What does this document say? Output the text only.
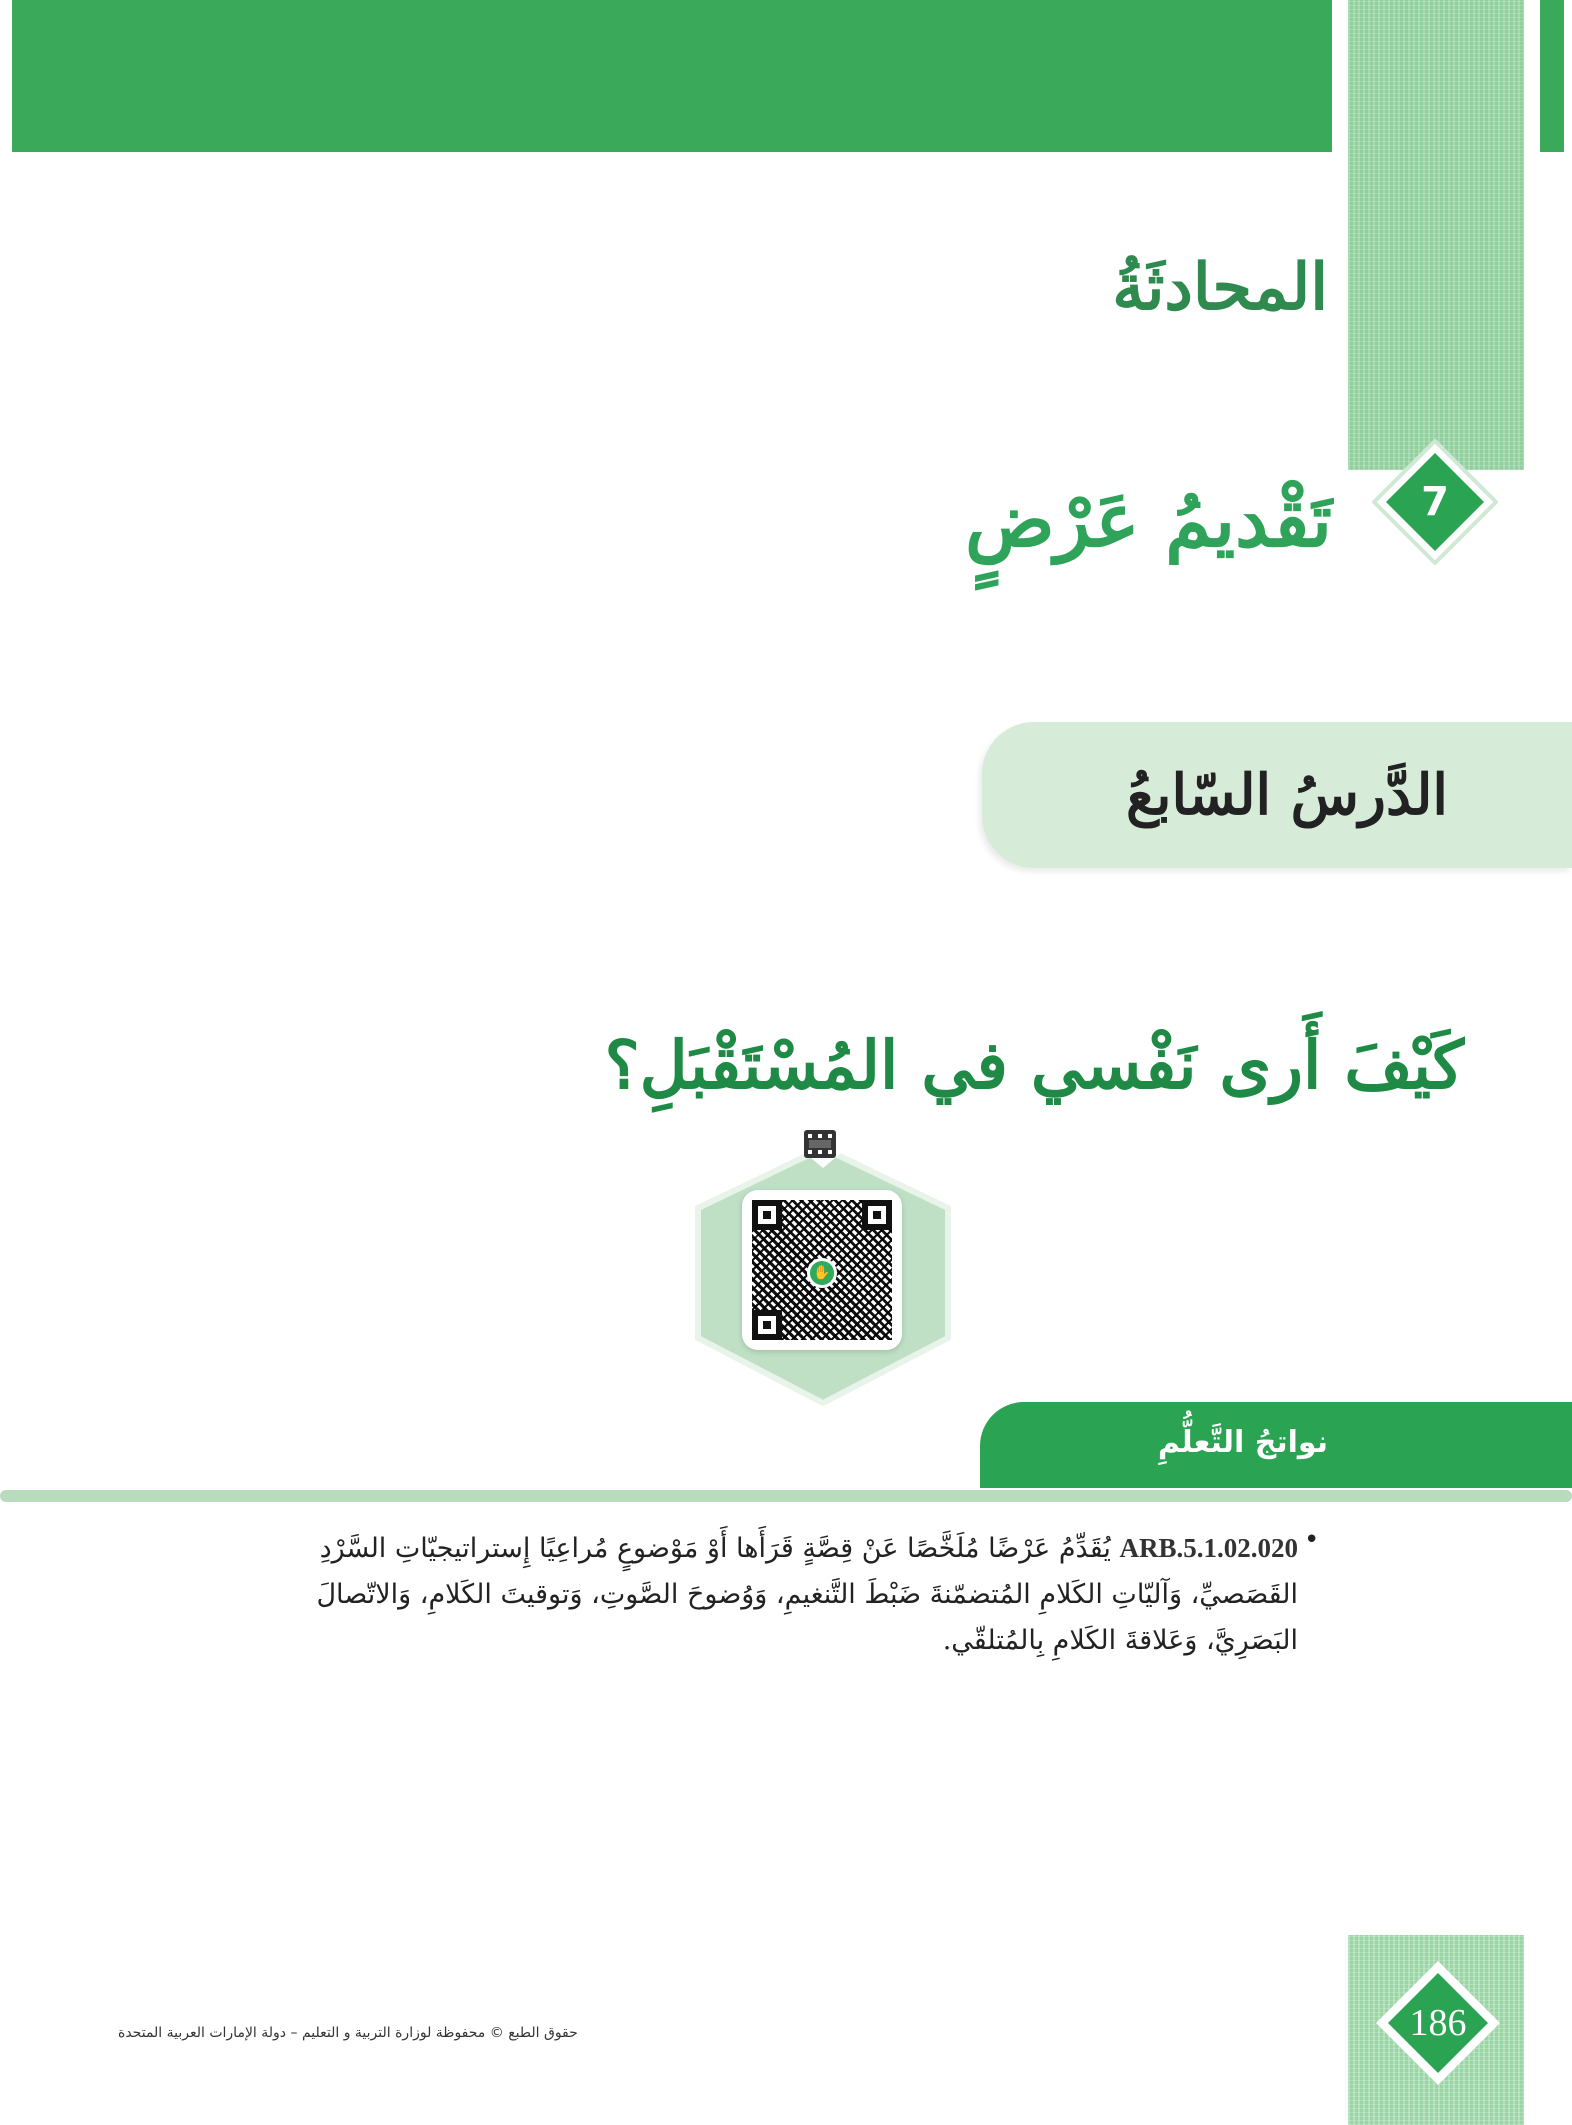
المحادثَةُ
7
تَقْديمُ عَرْضٍ
الدَّرسُ السّابعُ
كَيْفَ أَرى نَفْسي في المُسْتَقْبَلِ؟
✋
نواتجُ التَّعلُّمِ
•
ARB.5.1.02.020 يُقَدِّمُ عَرْضًا مُلَخَّصًا عَنْ قِصَّةٍ قَرَأَها أَوْ مَوْضوعٍ مُراعِيًا إِستراتيجيّاتِ السَّرْدِ القَصَصيِّ، وَآليّاتِ الكَلامِ المُتضمّنةَ ضَبْطَ التَّنغيمِ، وَوُضوحَ الصَّوتِ، وَتوقيتَ الكَلامِ، وَالاتّصالَ البَصَرِيَّ، وَعَلاقةَ الكَلامِ بِالمُتلقّي.
186
حقوق الطبع © محفوظة لوزارة التربية و التعليم – دولة الإمارات العربية المتحدة
